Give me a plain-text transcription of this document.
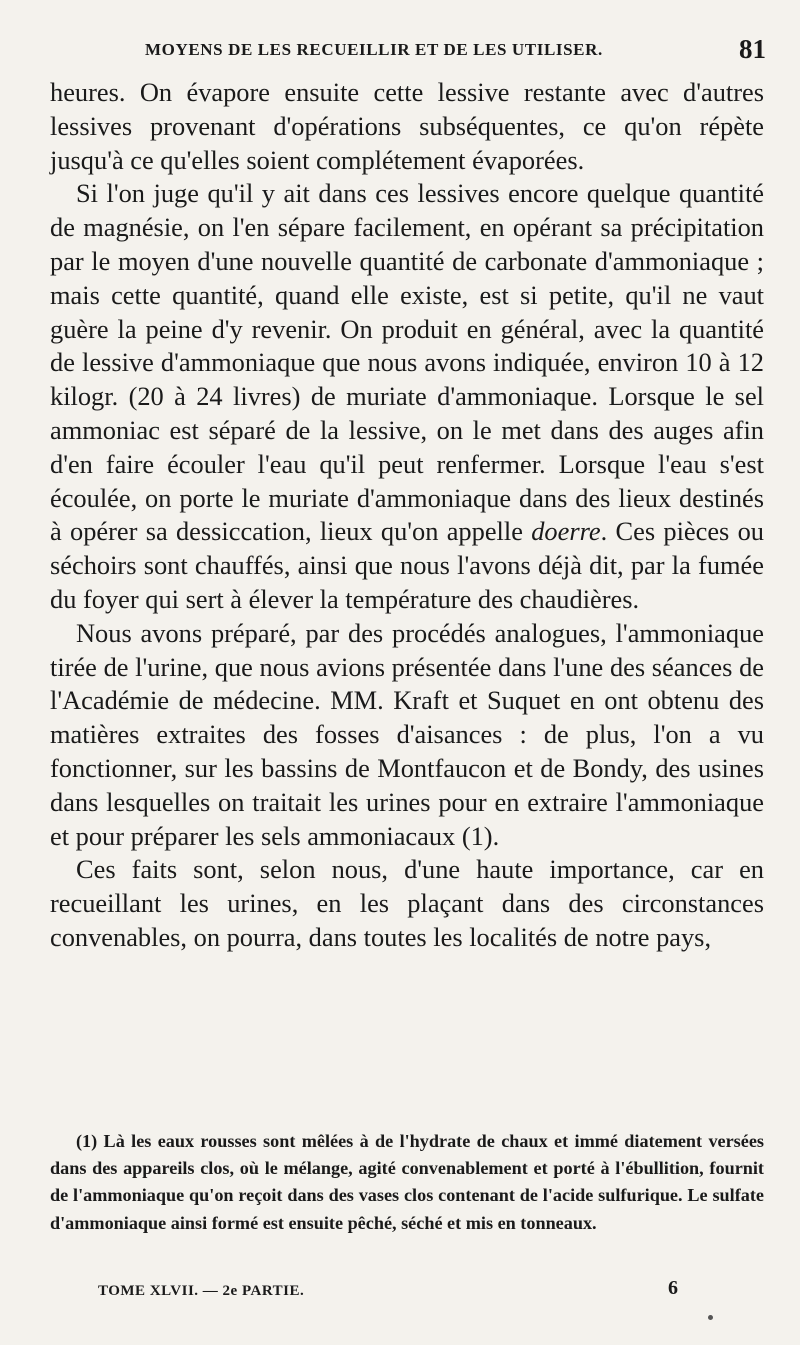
MOYENS DE LES RECUEILLIR ET DE LES UTILISER.	81

heures. On évapore ensuite cette lessive restante avec d'autres lessives provenant d'opérations subséquentes, ce qu'on répète jusqu'à ce qu'elles soient complétement évaporées.

Si l'on juge qu'il y ait dans ces lessives encore quelque quantité de magnésie, on l'en sépare facilement, en opérant sa précipitation par le moyen d'une nouvelle quantité de carbonate d'ammoniaque ; mais cette quantité, quand elle existe, est si petite, qu'il ne vaut guère la peine d'y revenir. On produit en général, avec la quantité de lessive d'ammoniaque que nous avons indiquée, environ 10 à 12 kilogr. (20 à 24 livres) de muriate d'ammoniaque. Lorsque le sel ammoniac est séparé de la lessive, on le met dans des auges afin d'en faire écouler l'eau qu'il peut renfermer. Lorsque l'eau s'est écoulée, on porte le muriate d'ammoniaque dans des lieux destinés à opérer sa dessiccation, lieux qu'on appelle doerre. Ces pièces ou séchoirs sont chauffés, ainsi que nous l'avons déjà dit, par la fumée du foyer qui sert à élever la température des chaudières.

Nous avons préparé, par des procédés analogues, l'ammoniaque tirée de l'urine, que nous avions présentée dans l'une des séances de l'Académie de médecine. MM. Kraft et Suquet en ont obtenu des matières extraites des fosses d'aisances : de plus, l'on a vu fonctionner, sur les bassins de Montfaucon et de Bondy, des usines dans lesquelles on traitait les urines pour en extraire l'ammoniaque et pour préparer les sels ammoniacaux (1).

Ces faits sont, selon nous, d'une haute importance, car en recueillant les urines, en les plaçant dans des circonstances convenables, on pourra, dans toutes les localités de notre pays,

(1) Là les eaux rousses sont mêlées à de l'hydrate de chaux et immé diatement versées dans des appareils clos, où le mélange, agité convenablement et porté à l'ébullition, fournit de l'ammoniaque qu'on reçoit dans des vases clos contenant de l'acide sulfurique. Le sulfate d'ammoniaque ainsi formé est ensuite pêché, séché et mis en tonneaux.

TOME XLVII. — 2e PARTIE.	6
